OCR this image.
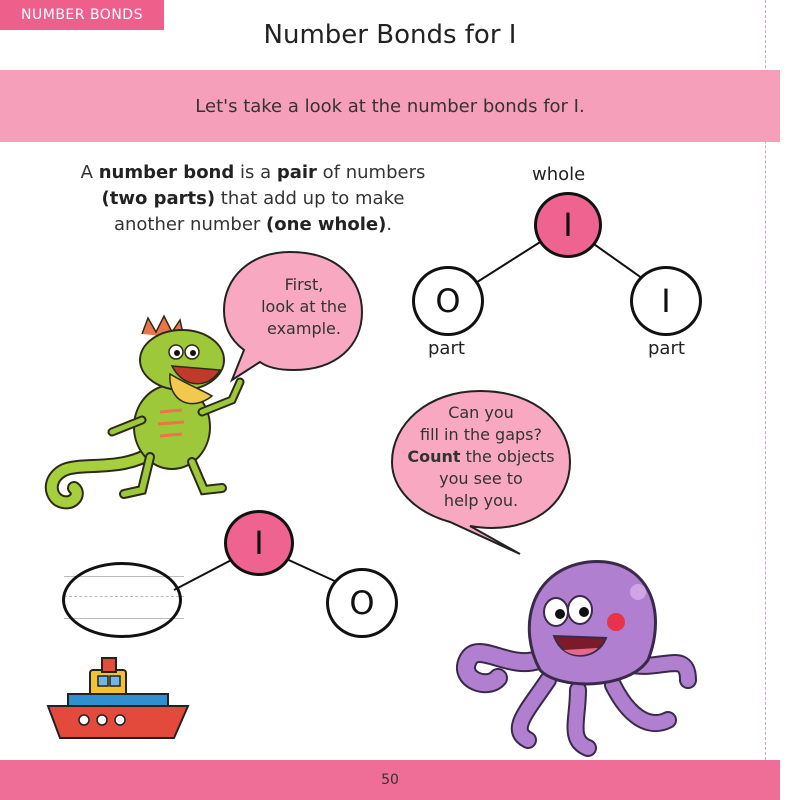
NUMBER BONDS
Number Bonds for I
Let's take a look at the number bonds for I.
A number bond is a pair of numbers
(two parts) that add up to make
another number (one whole).
whole
I
O	I
part	part
First,
look at the
example.
Can you
fill in the gaps?
Count the objects
you see to
help you.
I
O
50
